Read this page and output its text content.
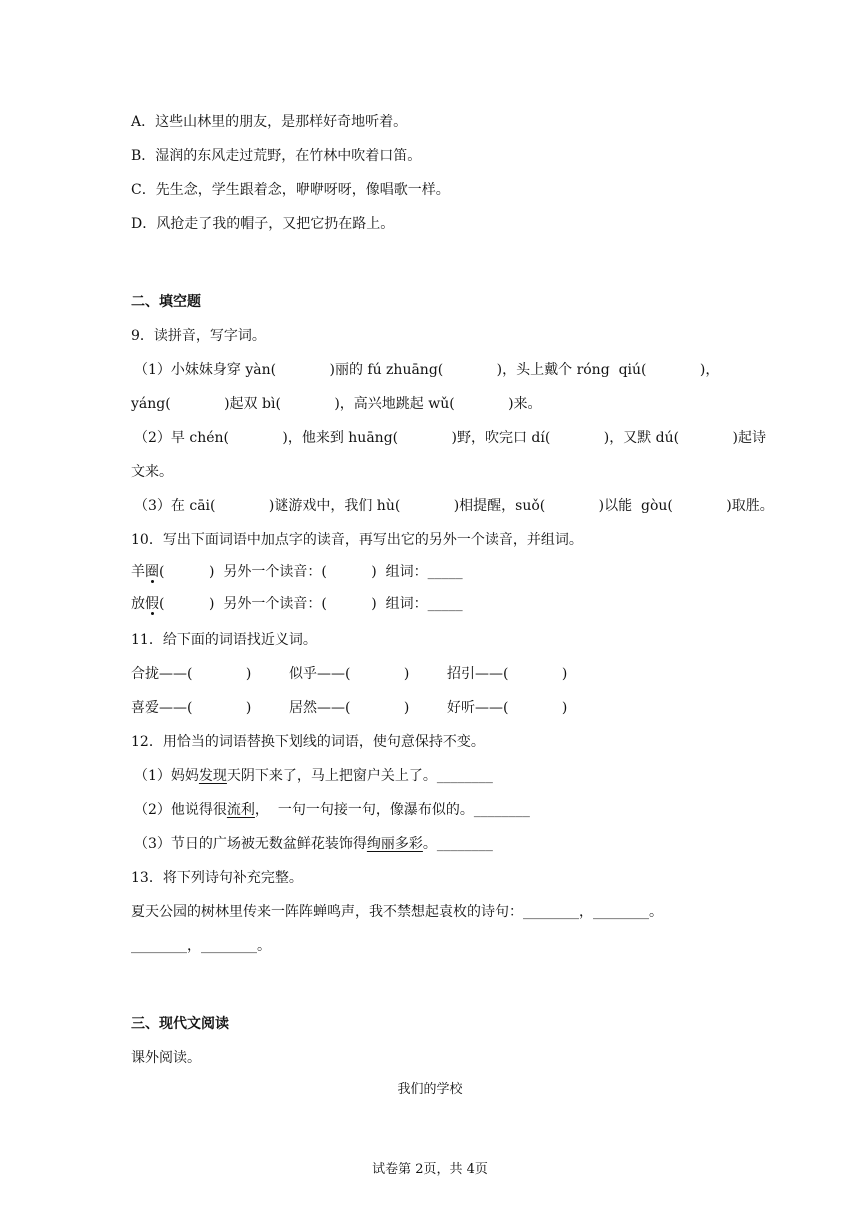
A．这些山林里的朋友，是那样好奇地听着。
B．湿润的东风走过荒野，在竹林中吹着口笛。
C．先生念，学生跟着念，咿咿呀呀，像唱歌一样。
D．风抢走了我的帽子，又把它扔在路上。
二、填空题
9．读拼音，写字词。
（1）小妹妹身穿 yàn(            )丽的 fú zhuāng(            )，头上戴个 róng  qiú(            )，
yáng(            )起双 bì(            )，高兴地跳起 wǔ(            )来。
（2）早 chén(            )，他来到 huāng(            )野，吹完口 dí(            )，又默 dú(            )起诗
文来。
（3）在 cāi(            )谜游戏中，我们 hù(            )相提醒，suǒ(            )以能  gòu(            )取胜。
10．写出下面词语中加点字的读音，再写出它的另外一个读音，并组词。
羊圈(          )  另外一个读音：(          )  组词：_____
放假(          )  另外一个读音：(          )  组词：_____
11．给下面的词语找近义词。
合拢——(            )	似乎——(            )	招引——(            )
喜爱——(            )	居然——(            )	好听——(            )
12．用恰当的词语替换下划线的词语，使句意保持不变。
（1）妈妈发现天阴下来了，马上把窗户关上了。________
（2）他说得很流利，  一句一句接一句，像瀑布似的。________
（3）节日的广场被无数盆鲜花装饰得绚丽多彩。________
13．将下列诗句补充完整。
夏天公园的树林里传来一阵阵蝉鸣声，我不禁想起袁枚的诗句：________，________。
________，________。
三、现代文阅读
课外阅读。
我们的学校
试卷第 2页，共 4页
